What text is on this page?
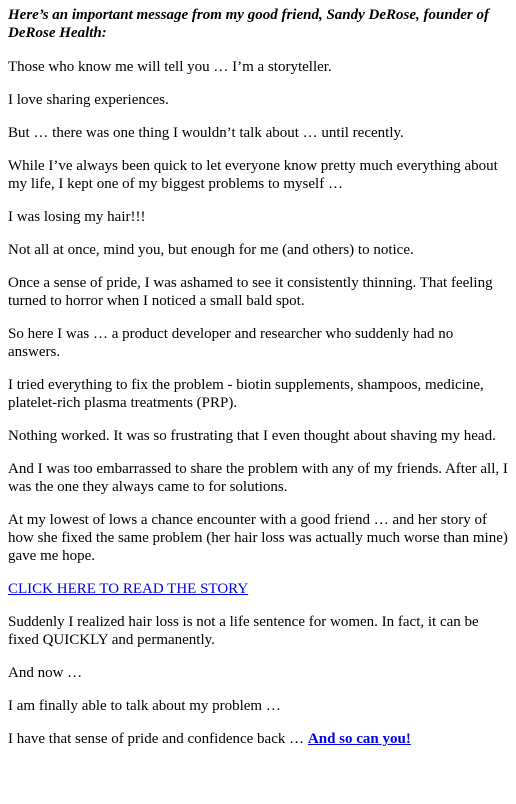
Here’s an important message from my good friend, Sandy DeRose, founder of DeRose Health:

Those who know me will tell you … I’m a storyteller.

I love sharing experiences.

But … there was one thing I wouldn’t talk about … until recently.

While I’ve always been quick to let everyone know pretty much everything about my life, I kept one of my biggest problems to myself …

I was losing my hair!!!

Not all at once, mind you, but enough for me (and others) to notice.

Once a sense of pride, I was ashamed to see it consistently thinning. That feeling turned to horror when I noticed a small bald spot.

So here I was … a product developer and researcher who suddenly had no answers.

I tried everything to fix the problem - biotin supplements, shampoos, medicine, platelet-rich plasma treatments (PRP).

Nothing worked. It was so frustrating that I even thought about shaving my head.

And I was too embarrassed to share the problem with any of my friends. After all, I was the one they always came to for solutions.

At my lowest of lows a chance encounter with a good friend … and her story of how she fixed the same problem (her hair loss was actually much worse than mine) gave me hope.

CLICK HERE TO READ THE STORY

Suddenly I realized hair loss is not a life sentence for women. In fact, it can be fixed QUICKLY and permanently.

And now …

I am finally able to talk about my problem …

I have that sense of pride and confidence back … And so can you!
